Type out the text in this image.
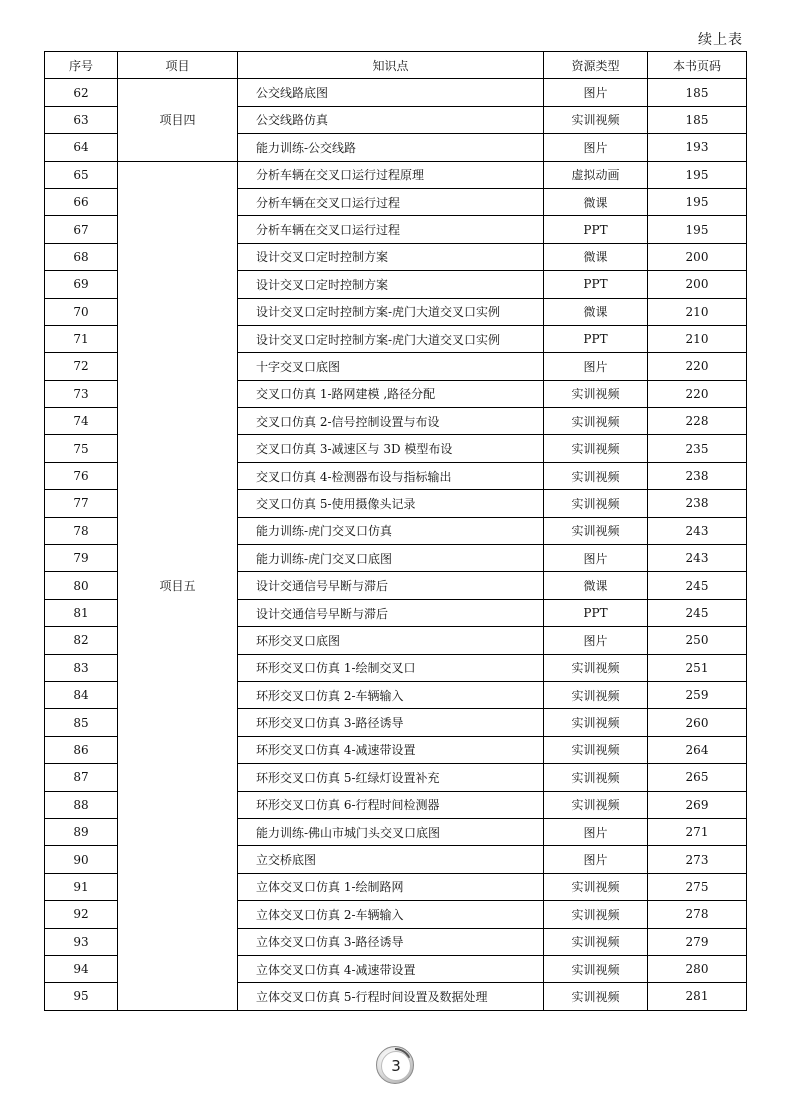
续上表
序号	项目	知识点	资源类型	本书页码
62	项目四	公交线路底图	图片	185
63		公交线路仿真	实训视频	185
64		能力训练-公交线路	图片	193
65	项目五	分析车辆在交叉口运行过程原理	虚拟动画	195
66		分析车辆在交叉口运行过程	微课	195
67		分析车辆在交叉口运行过程	PPT	195
68		设计交叉口定时控制方案	微课	200
69		设计交叉口定时控制方案	PPT	200
70		设计交叉口定时控制方案-虎门大道交叉口实例	微课	210
71		设计交叉口定时控制方案-虎门大道交叉口实例	PPT	210
72		十字交叉口底图	图片	220
73		交叉口仿真 1-路网建模 ,路径分配	实训视频	220
74		交叉口仿真 2-信号控制设置与布设	实训视频	228
75		交叉口仿真 3-减速区与 3D 模型布设	实训视频	235
76		交叉口仿真 4-检测器布设与指标输出	实训视频	238
77		交叉口仿真 5-使用摄像头记录	实训视频	238
78		能力训练-虎门交叉口仿真	实训视频	243
79		能力训练-虎门交叉口底图	图片	243
80		设计交通信号早断与滞后	微课	245
81		设计交通信号早断与滞后	PPT	245
82		环形交叉口底图	图片	250
83		环形交叉口仿真 1-绘制交叉口	实训视频	251
84		环形交叉口仿真 2-车辆输入	实训视频	259
85		环形交叉口仿真 3-路径诱导	实训视频	260
86		环形交叉口仿真 4-减速带设置	实训视频	264
87		环形交叉口仿真 5-红绿灯设置补充	实训视频	265
88		环形交叉口仿真 6-行程时间检测器	实训视频	269
89		能力训练-佛山市城门头交叉口底图	图片	271
90		立交桥底图	图片	273
91		立体交叉口仿真 1-绘制路网	实训视频	275
92		立体交叉口仿真 2-车辆输入	实训视频	278
93		立体交叉口仿真 3-路径诱导	实训视频	279
94		立体交叉口仿真 4-减速带设置	实训视频	280
95		立体交叉口仿真 5-行程时间设置及数据处理	实训视频	281
3
